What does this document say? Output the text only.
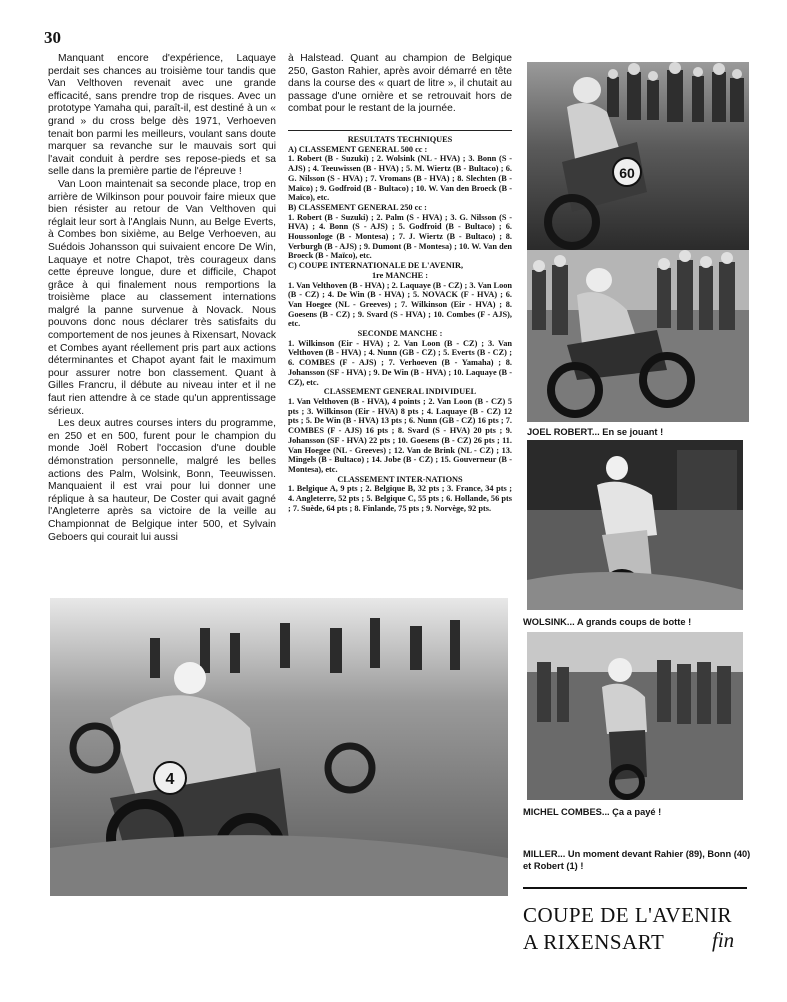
30

Manquant encore d'expérience, Laquaye perdait ses chances au troisième tour tandis que Van Velthoven revenait avec une grande efficacité, sans prendre trop de risques. Avec un prototype Yamaha qui, paraît-il, est destiné à un « grand » du cross belge dès 1971, Verhoeven tenait bon parmi les meilleurs, voulant sans doute marquer sa revanche sur le mauvais sort qui l'avait conduit à perdre ses repose-pieds et sa selle dans la première partie de l'épreuve !

Van Loon maintenait sa seconde place, trop en arrière de Wilkinson pour pouvoir faire mieux que bien résister au retour de Van Velthoven qui réglait leur sort à l'Anglais Nunn, au Belge Everts, à Combes bon sixième, au Belge Verhoeven, au Suédois Johansson qui suivaient encore De Win, Laquaye et notre Chapot, très courageux dans cette épreuve longue, dure et difficile, Chapot grâce à qui finalement nous remportions la troisième place au classement internations malgré la panne survenue à Novack. Nous pouvons donc nous déclarer très satisfaits du comportement de nos jeunes à Rixensart, Novack et Combes ayant réellement pris part aux actions déterminantes et Chapot ayant fait le maximum pour assurer notre bon classement. Quant à Gilles Francru, il débute au niveau inter et il ne faut rien attendre à ce stade qu'un apprentissage sérieux.

Les deux autres courses inters du programme, en 250 et en 500, furent pour le champion du monde Joël Robert l'occasion d'une double démonstration personnelle, malgré les belles actions des Palm, Wolsink, Bonn, Teeuwissen. Manquaient il est vrai pour lui donner une réplique à sa hauteur, De Coster qui avait gagné l'Angleterre après sa victoire de la veille au Championnat de Belgique inter 500, et Sylvain Geboers qui courait lui aussi

à Halstead. Quant au champion de Belgique 250, Gaston Rahier, après avoir démarré en tête dans la course des « quart de litre », il chutait au passage d'une ornière et se retrouvait hors de combat pour le restant de la journée.

RESULTATS TECHNIQUES
A) CLASSEMENT GENERAL 500 cc :
1. Robert (B - Suzuki) ; 2. Wolsink (NL - HVA) ; 3. Bonn (S - AJS) ; 4. Teeuwissen (B - HVA) ; 5. M. Wiertz (B - Bultaco) ; 6. G. Nilsson (S - HVA) ; 7. Vromans (B - HVA) ; 8. Slechten (B - Maïco) ; 9. Godfroid (B - Bultaco) ; 10. W. Van den Broeck (B - Maïco), etc.
B) CLASSEMENT GENERAL 250 cc :
1. Robert (B - Suzuki) ; 2. Palm (S - HVA) ; 3. G. Nilsson (S - HVA) ; 4. Bonn (S - AJS) ; 5. Godfroid (B - Bultaco) ; 6. Houssonloge (B - Montesa) ; 7. J. Wiertz (B - Bultaco) ; 8. Verburgh (B - AJS) ; 9. Dumont (B - Montesa) ; 10. W. Van den Broeck (B - Maïco), etc.
C) COUPE INTERNATIONALE DE L'AVENIR,
1re MANCHE :
1. Van Velthoven (B - HVA) ; 2. Laquaye (B - CZ) ; 3. Van Loon (B - CZ) ; 4. De Win (B - HVA) ; 5. NOVACK (F - HVA) ; 6. Van Hoegee (NL - Greeves) ; 7. Wilkinson (Eir - HVA) ; 8. Goesens (B - CZ) ; 9. Svard (S - HVA) ; 10. Combes (F - AJS), etc.
SECONDE MANCHE :
1. Wilkinson (Eir - HVA) ; 2. Van Loon (B - CZ) ; 3. Van Velthoven (B - HVA) ; 4. Nunn (GB - CZ) ; 5. Everts (B - CZ) ; 6. COMBES (F - AJS) ; 7. Verhoeven (B - Yamaha) ; 8. Johansson (SF - HVA) ; 9. De Win (B - HVA) ; 10. Laquaye (B - CZ), etc.
CLASSEMENT GENERAL INDIVIDUEL
1. Van Velthoven (B - HVA), 4 points ; 2. Van Loon (B - CZ) 5 pts ; 3. Wilkinson (Eir - HVA) 8 pts ; 4. Laquaye (B - CZ) 12 pts ; 5. De Win (B - HVA) 13 pts ; 6. Nunn (GB - CZ) 16 pts ; 7. COMBES (F - AJS) 16 pts ; 8. Svard (S - HVA) 20 pts ; 9. Johansson (SF - HVA) 22 pts ; 10. Goesens (B - CZ) 26 pts ; 11. Van Hoegee (NL - Greeves) ; 12. Van de Brink (NL - CZ) ; 13. Mingels (B - Bultaco) ; 14. Jobe (B - CZ) ; 15. Gouverneur (B - Montesa), etc.
CLASSEMENT INTER-NATIONS
1. Belgique A, 9 pts ; 2. Belgique B, 32 pts ; 3. France, 34 pts ; 4. Angleterre, 52 pts ; 5. Belgique C, 55 pts ; 6. Hollande, 56 pts ; 7. Suède, 64 pts ; 8. Finlande, 75 pts ; 9. Norvège, 92 pts.
60
JOEL ROBERT... En se jouant !
WOLSINK... A grands coups de botte !
MICHEL COMBES... Ça a payé !
4
MILLER... Un moment devant Rahier (89), Bonn (40) et Robert (1) !
COUPE DE L'AVENIR
A RIXENSART fin
